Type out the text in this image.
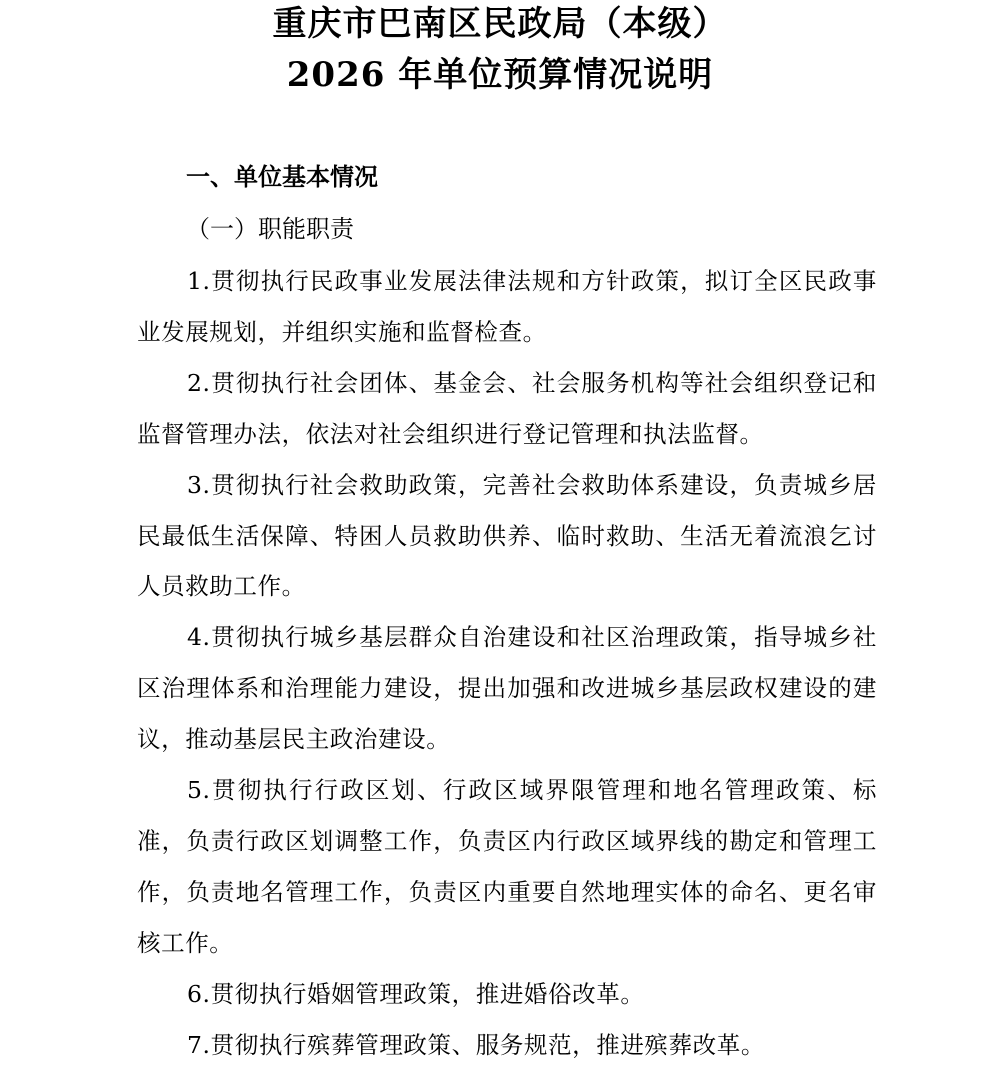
重庆市巴南区民政局（本级）
2026 年单位预算情况说明
一、单位基本情况
（一）职能职责

1.贯彻执行民政事业发展法律法规和方针政策，拟订全区民政事业发展规划，并组织实施和监督检查。

2.贯彻执行社会团体、基金会、社会服务机构等社会组织登记和监督管理办法，依法对社会组织进行登记管理和执法监督。

3.贯彻执行社会救助政策，完善社会救助体系建设，负责城乡居民最低生活保障、特困人员救助供养、临时救助、生活无着流浪乞讨人员救助工作。

4.贯彻执行城乡基层群众自治建设和社区治理政策，指导城乡社区治理体系和治理能力建设，提出加强和改进城乡基层政权建设的建议，推动基层民主政治建设。

5.贯彻执行行政区划、行政区域界限管理和地名管理政策、标准，负责行政区划调整工作，负责区内行政区域界线的勘定和管理工作，负责地名管理工作，负责区内重要自然地理实体的命名、更名审核工作。

6.贯彻执行婚姻管理政策，推进婚俗改革。

7.贯彻执行殡葬管理政策、服务规范，推进殡葬改革。
